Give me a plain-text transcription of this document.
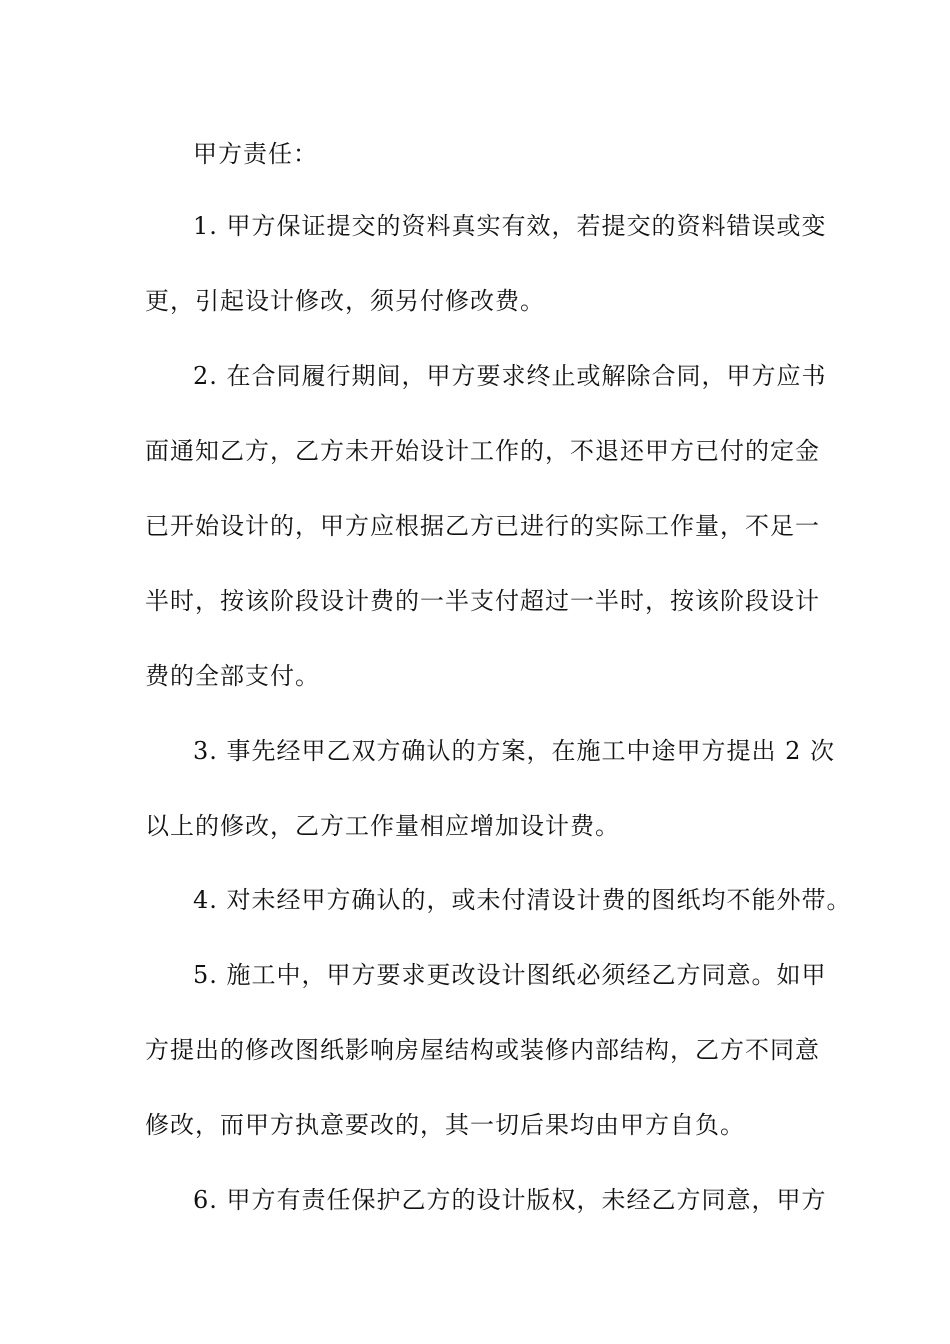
甲方责任：
1. 甲方保证提交的资料真实有效，若提交的资料错误或变
更，引起设计修改，须另付修改费。
2. 在合同履行期间，甲方要求终止或解除合同，甲方应书
面通知乙方，乙方未开始设计工作的，不退还甲方已付的定金
已开始设计的，甲方应根据乙方已进行的实际工作量，不足一
半时，按该阶段设计费的一半支付超过一半时，按该阶段设计
费的全部支付。
3. 事先经甲乙双方确认的方案，在施工中途甲方提出 2 次
以上的修改，乙方工作量相应增加设计费。
4. 对未经甲方确认的，或未付清设计费的图纸均不能外带。
5. 施工中，甲方要求更改设计图纸必须经乙方同意。如甲
方提出的修改图纸影响房屋结构或装修内部结构，乙方不同意
修改，而甲方执意要改的，其一切后果均由甲方自负。
6. 甲方有责任保护乙方的设计版权，未经乙方同意，甲方
